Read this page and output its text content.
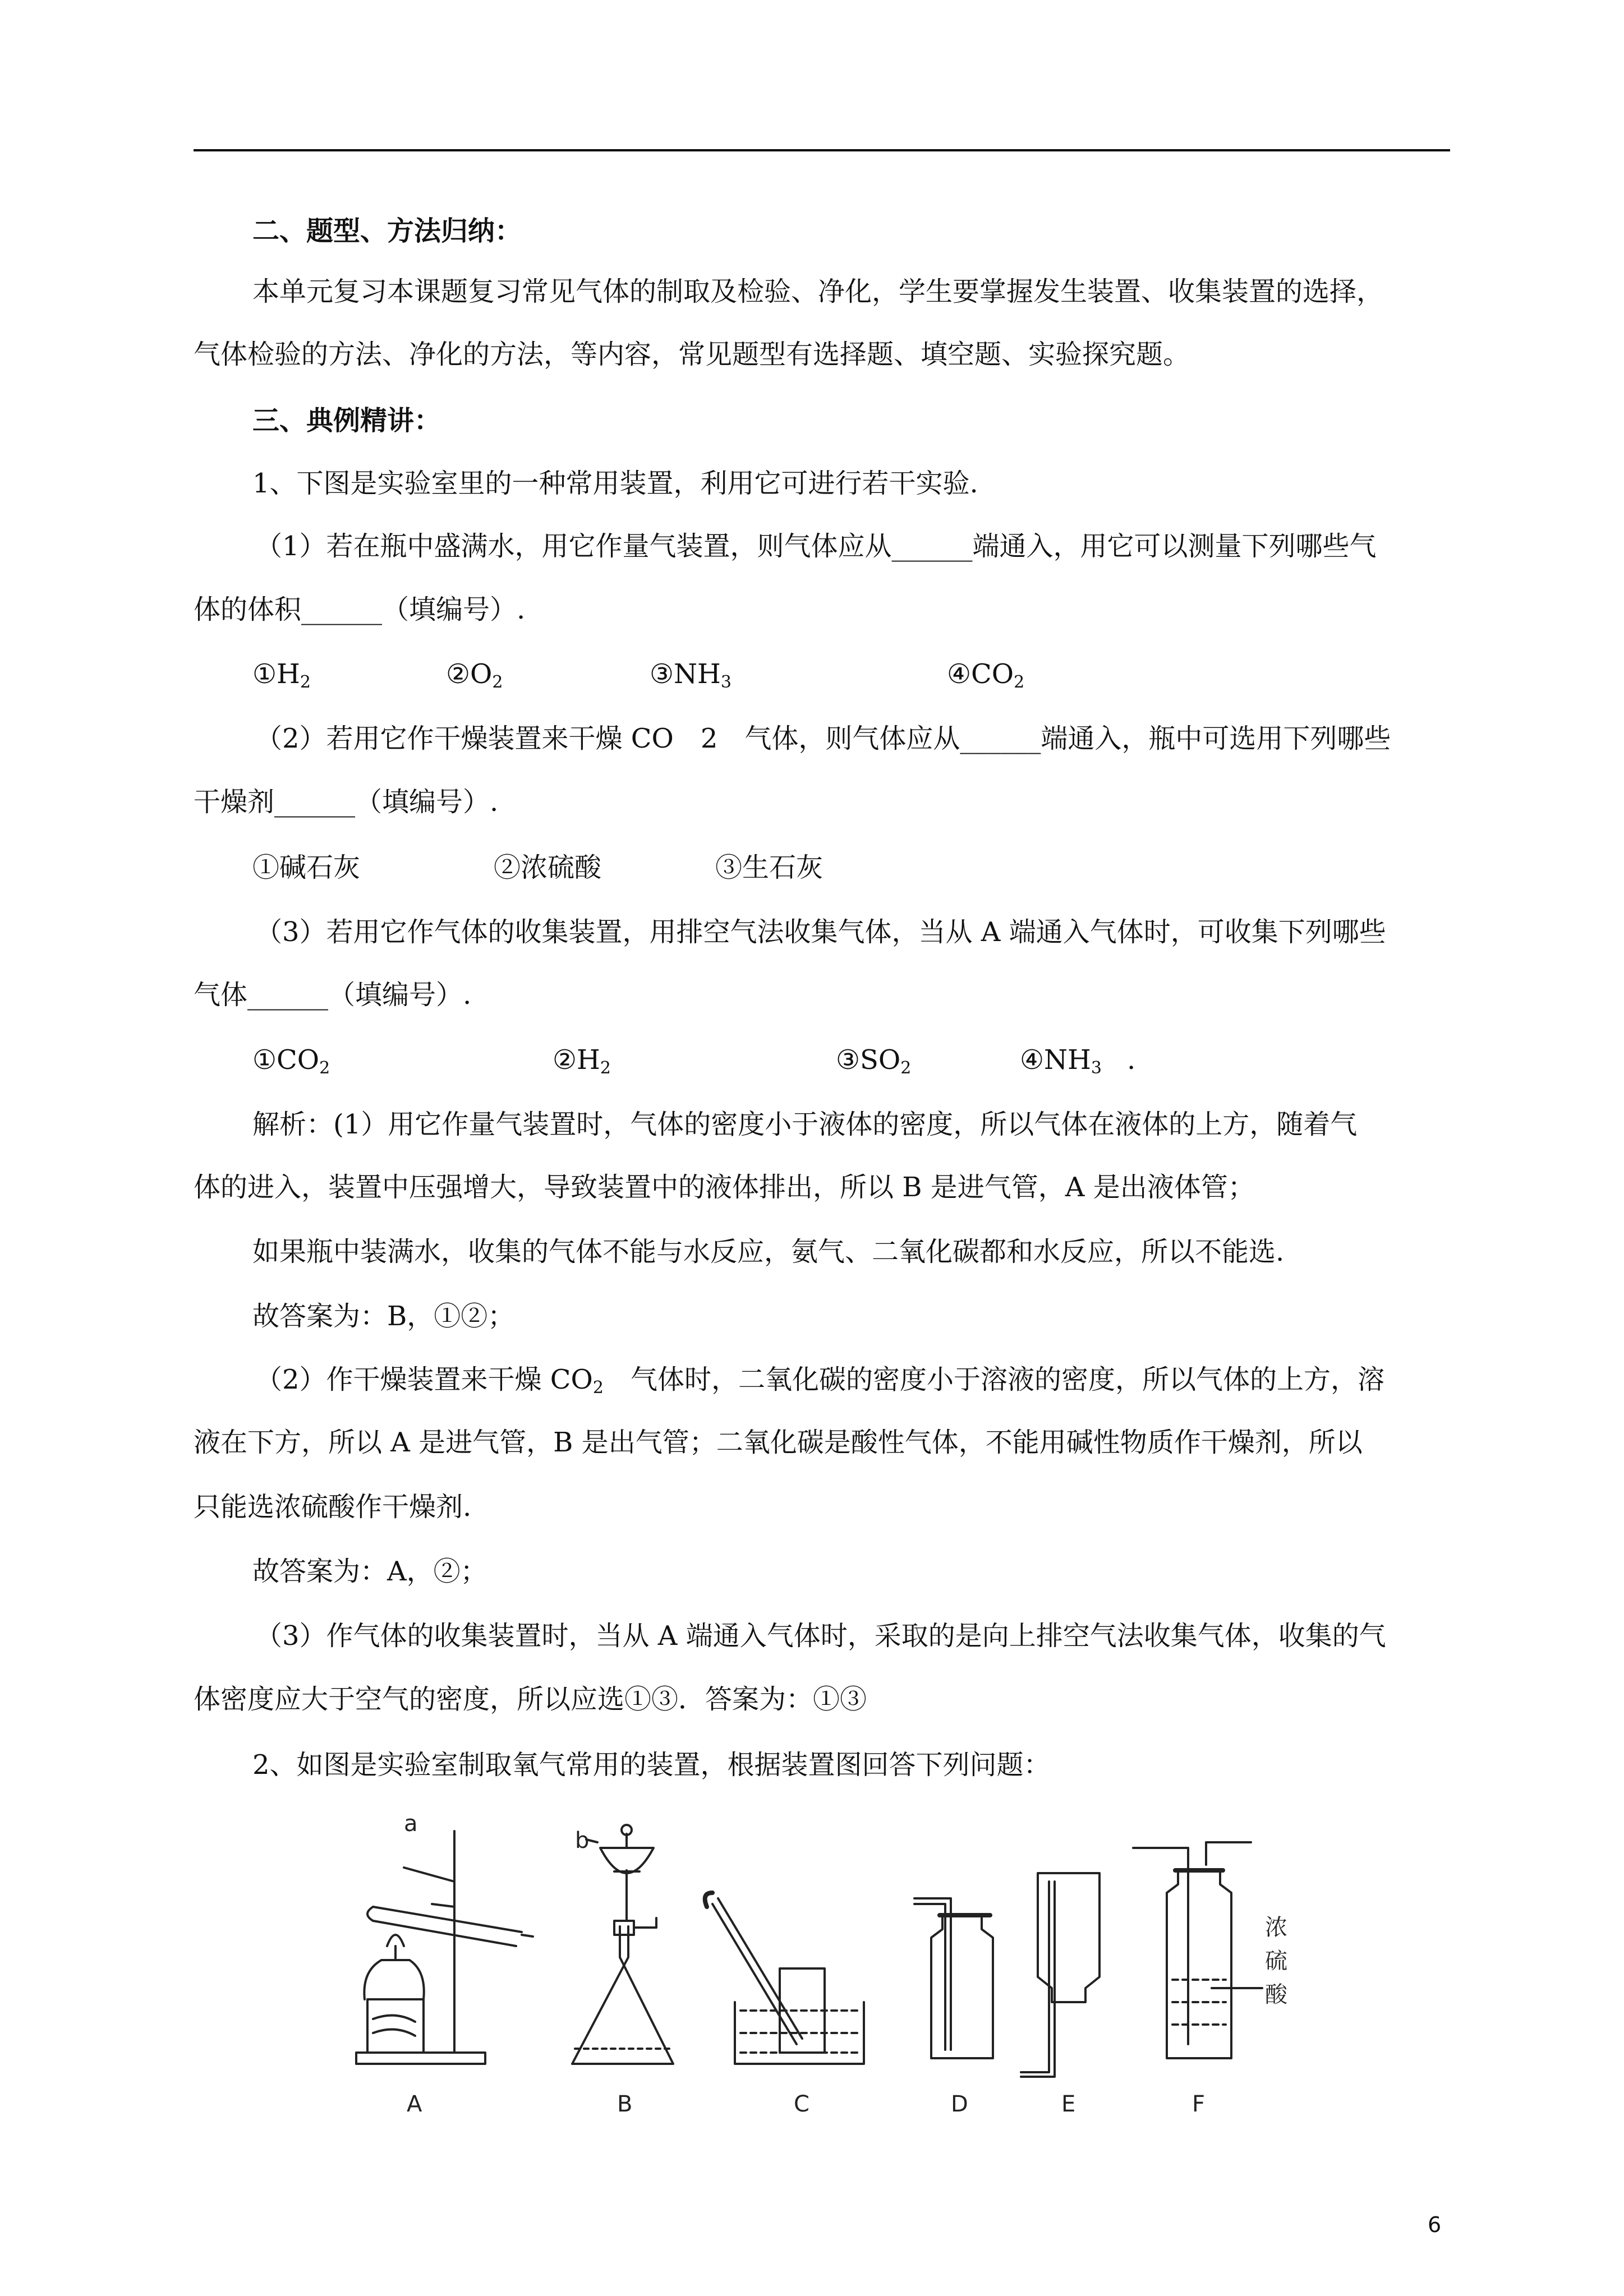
二、题型、方法归纳：
本单元复习本课题复习常见气体的制取及检验、净化，学生要掌握发生装置、收集装置的选择，
气体检验的方法、净化的方法，等内容，常见题型有选择题、填空题、实验探究题。
三、典例精讲：
1、下图是实验室里的一种常用装置，利用它可进行若干实验.
（1）若在瓶中盛满水，用它作量气装置，则气体应从______端通入，用它可以测量下列哪些气
体的体积______（填编号）.
$①H_2$	$②O_2$	$③NH_3$	$④CO_2$
（2）若用它作干燥装置来干燥 CO　2　气体，则气体应从______端通入，瓶中可选用下列哪些
干燥剂______（填编号）.
①碱石灰	②浓硫酸	③生石灰
（3）若用它作气体的收集装置，用排空气法收集气体，当从 A 端通入气体时，可收集下列哪些
气体______（填编号）.
$①CO_2$	$②H_2$	$③SO_2$	$④NH_3$ .
解析：(1）用它作量气装置时，气体的密度小于液体的密度，所以气体在液体的上方，随着气
体的进入，装置中压强增大，导致装置中的液体排出，所以 B 是进气管，A 是出液体管；
如果瓶中装满水，收集的气体不能与水反应，氨气、二氧化碳都和水反应，所以不能选.
故答案为：B，①②；
（2）作干燥装置来干燥 $CO_2$　气体时，二氧化碳的密度小于溶液的密度，所以气体的上方，溶
液在下方，所以 A 是进气管，B 是出气管；二氧化碳是酸性气体，不能用碱性物质作干燥剂，所以
只能选浓硫酸作干燥剂.
故答案为：A，②；
（3）作气体的收集装置时，当从 A 端通入气体时，采取的是向上排空气法收集气体，收集的气
体密度应大于空气的密度，所以应选①③．答案为：①③
2、如图是实验室制取氧气常用的装置，根据装置图回答下列问题：
a
b
A	B	C	D	E	F
浓
硫
酸
6
